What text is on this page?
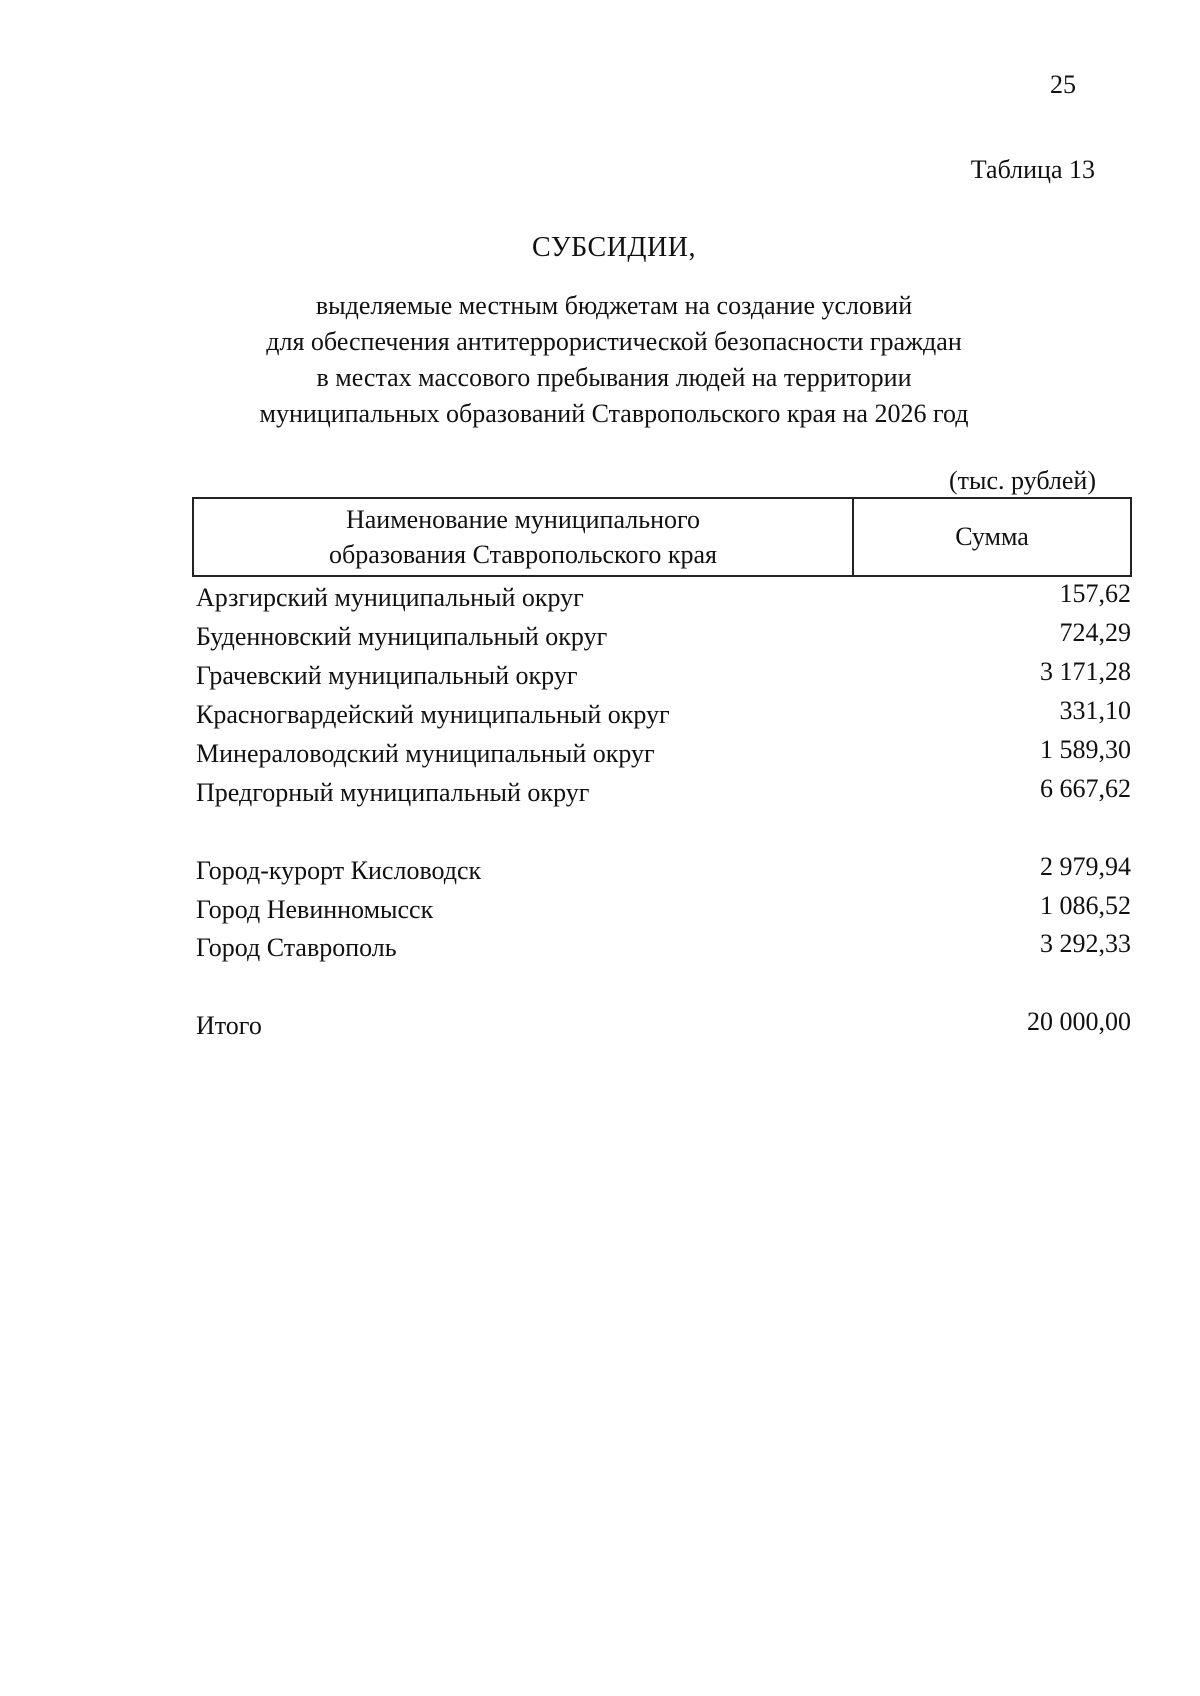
25
Таблица 13
СУБСИДИИ,
выделяемые местным бюджетам на создание условий
для обеспечения антитеррористической безопасности граждан
в местах массового пребывания людей на территории
муниципальных образований Ставропольского края на 2026 год
(тыс. рублей)
Наименование муниципального
образования Ставропольского края
Сумма
Арзгирский муниципальный округ	157,62
Буденновский муниципальный округ	724,29
Грачевский муниципальный округ	3 171,28
Красногвардейский муниципальный округ	331,10
Минераловодский муниципальный округ	1 589,30
Предгорный муниципальный округ	6 667,62
Город-курорт Кисловодск	2 979,94
Город Невинномысск	1 086,52
Город Ставрополь	3 292,33
Итого	20 000,00
